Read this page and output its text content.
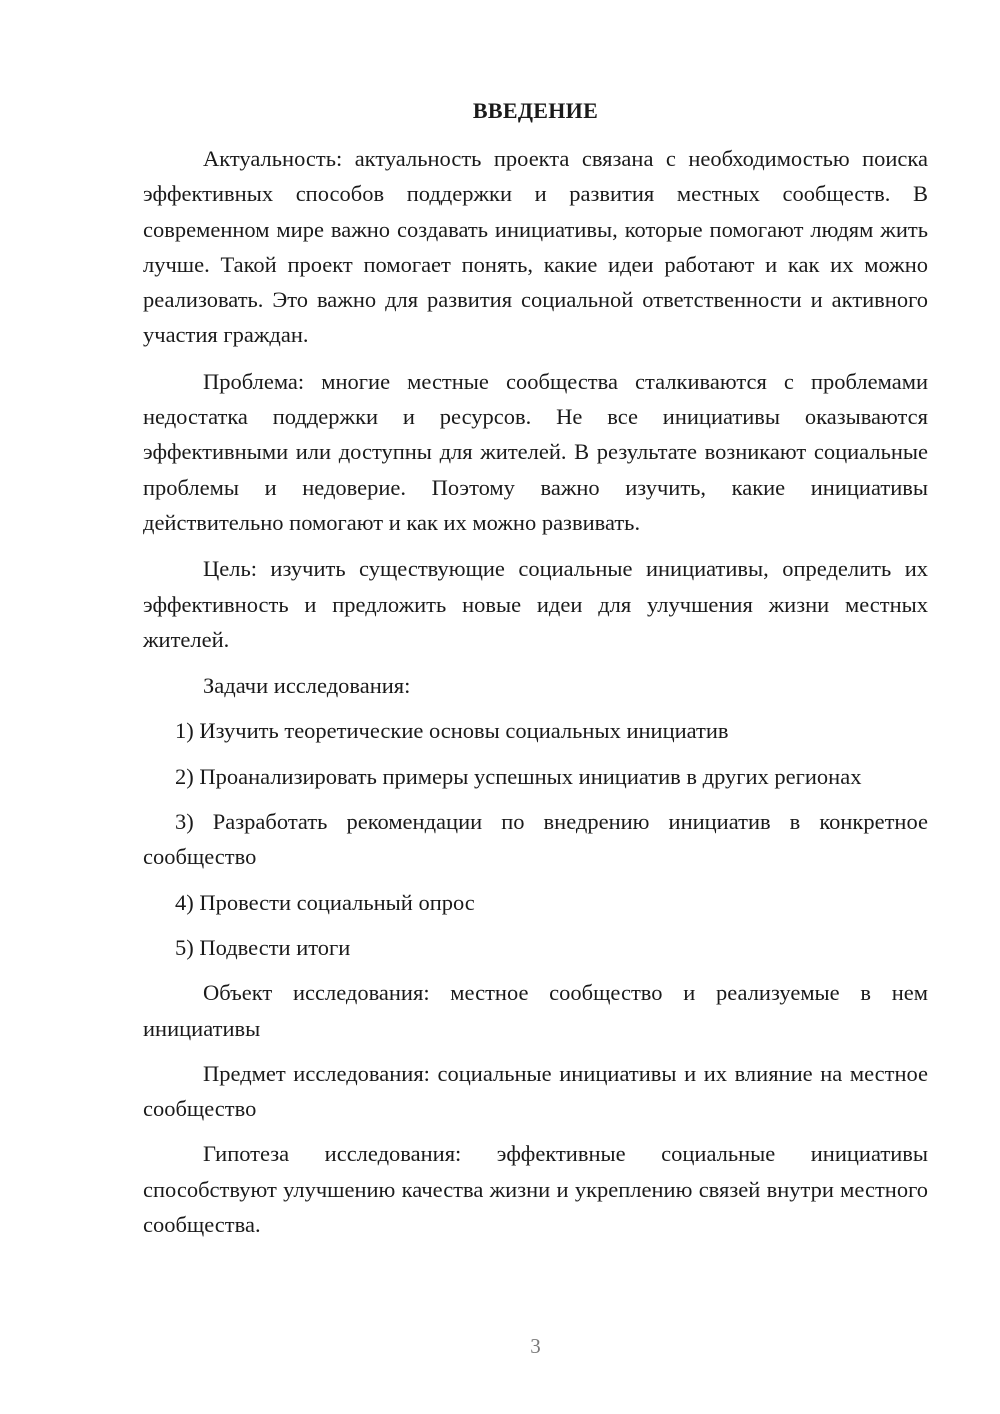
ВВЕДЕНИЕ

Актуальность: актуальность проекта связана с необходимостью поиска эффективных способов поддержки и развития местных сообществ. В современном мире важно создавать инициативы, которые помогают людям жить лучше. Такой проект помогает понять, какие идеи работают и как их можно реализовать. Это важно для развития социальной ответственности и активного участия граждан.

Проблема: многие местные сообщества сталкиваются с проблемами недостатка поддержки и ресурсов. Не все инициативы оказываются эффективными или доступны для жителей. В результате возникают социальные проблемы и недоверие. Поэтому важно изучить, какие инициативы действительно помогают и как их можно развивать.

Цель: изучить существующие социальные инициативы, определить их эффективность и предложить новые идеи для улучшения жизни местных жителей.

Задачи исследования:

1) Изучить теоретические основы социальных инициатив

2) Проанализировать примеры успешных инициатив в других регионах

3) Разработать рекомендации по внедрению инициатив в конкретное сообщество

4) Провести социальный опрос

5) Подвести итоги

Объект исследования: местное сообщество и реализуемые в нем инициативы

Предмет исследования: социальные инициативы и их влияние на местное сообщество

Гипотеза исследования: эффективные социальные инициативы способствуют улучшению качества жизни и укреплению связей внутри местного сообщества.

3
